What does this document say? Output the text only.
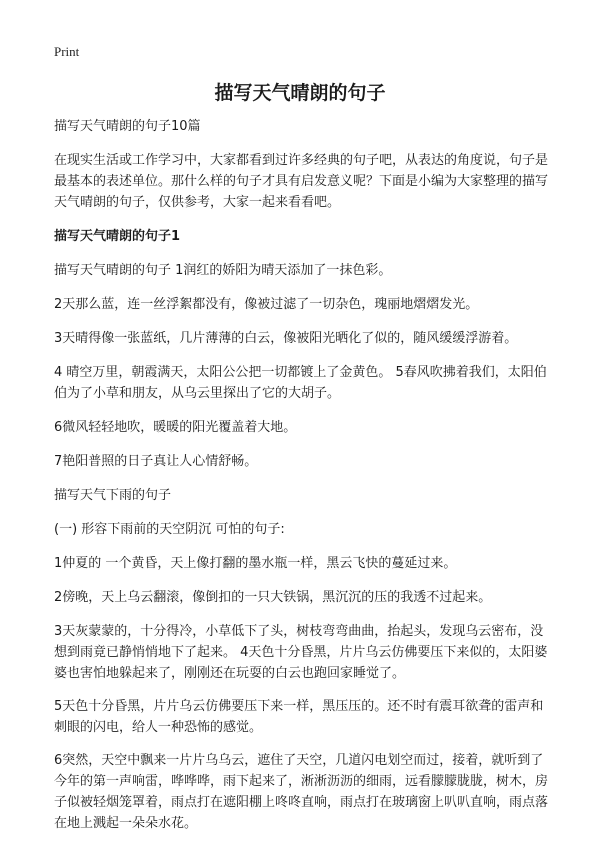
Print
描写天气晴朗的句子

描写天气晴朗的句子10篇

在现实生活或工作学习中，大家都看到过许多经典的句子吧，从表达的角度说，句子是最基本的表述单位。那什么样的句子才具有启发意义呢？下面是小编为大家整理的描写天气晴朗的句子，仅供参考，大家一起来看看吧。

描写天气晴朗的句子1

描写天气晴朗的句子 1润红的娇阳为晴天添加了一抹色彩。

2天那么蓝，连一丝浮絮都没有，像被过滤了一切杂色，瑰丽地熠熠发光。

3天晴得像一张蓝纸，几片薄薄的白云，像被阳光晒化了似的，随风缓缓浮游着。

4 晴空万里，朝霞满天，太阳公公把一切都镀上了金黄色。 5春风吹拂着我们，太阳伯伯为了小草和朋友，从乌云里探出了它的大胡子。

6微风轻轻地吹，暖暖的阳光覆盖着大地。

7艳阳普照的日子真让人心情舒畅。

描写天气下雨的句子

(一) 形容下雨前的天空阴沉 可怕的句子:

1仲夏的 一个黄昏，天上像打翻的墨水瓶一样，黑云飞快的蔓延过来。

2傍晚，天上乌云翻滚，像倒扣的一只大铁锅，黑沉沉的压的我透不过起来。

3天灰蒙蒙的，十分得冷，小草低下了头，树枝弯弯曲曲，抬起头，发现乌云密布，没想到雨竟已静悄悄地下了起来。 4天色十分昏黑，片片乌云仿佛要压下来似的，太阳婆婆也害怕地躲起来了，刚刚还在玩耍的白云也跑回家睡觉了。

5天色十分昏黑，片片乌云仿佛要压下来一样，黑压压的。还不时有震耳欲聋的雷声和刺眼的闪电，给人一种恐怖的感觉。

6突然，天空中飘来一片片乌乌云，遮住了天空，几道闪电划空而过，接着，就听到了今年的第一声响雷，哗哗哗，雨下起来了，淅淅沥沥的细雨，远看朦朦胧胧，树木，房子似被轻烟笼罩着，雨点打在遮阳棚上咚咚直响，雨点打在玻璃窗上叭叭直响，雨点落在地上溅起一朵朵水花。
